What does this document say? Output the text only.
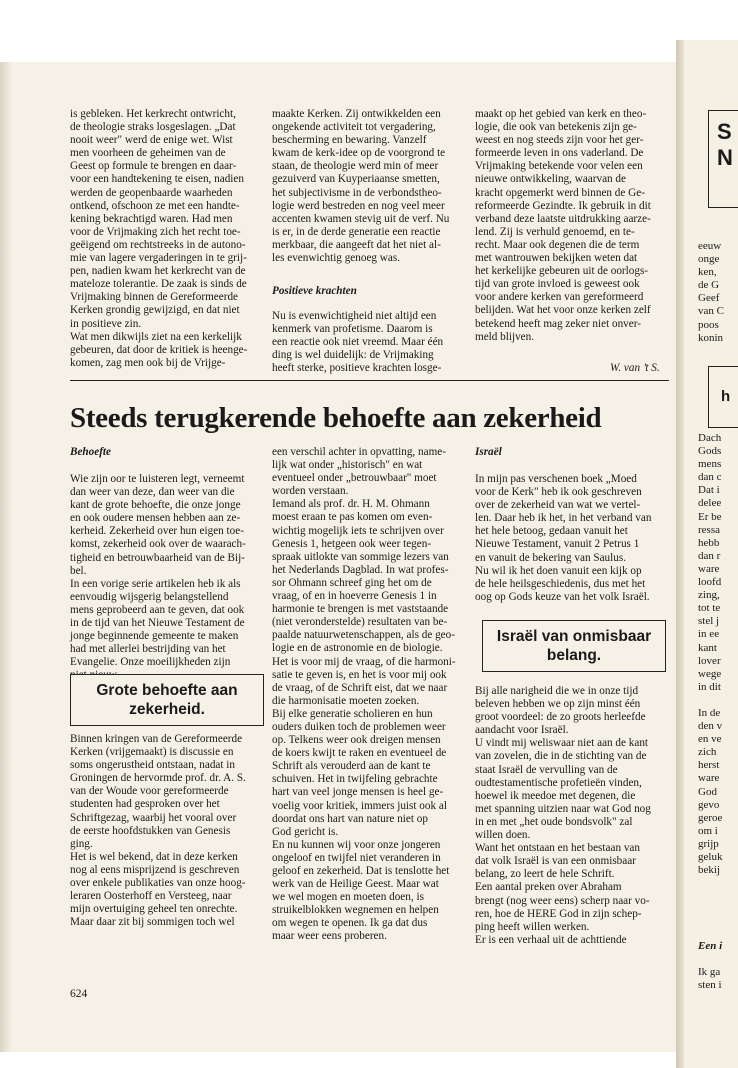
is gebleken. Het kerkrecht ontwricht,
de theologie straks losgeslagen. „Dat
nooit weer" werd de enige wet. Wist
men voorheen de geheimen van de
Geest op formule te brengen en daar-
voor een handtekening te eisen, nadien
werden de geopenbaarde waarheden
ontkend, ofschoon ze met een handte-
kening bekrachtigd waren. Had men
voor de Vrijmaking zich het recht toe-
geëigend om rechtstreeks in de autono-
mie van lagere vergaderingen in te grij-
pen, nadien kwam het kerkrecht van de
mateloze tolerantie. De zaak is sinds de
Vrijmaking binnen de Gereformeerde
Kerken grondig gewijzigd, en dat niet
in positieve zin.
Wat men dikwijls ziet na een kerkelijk
gebeuren, dat door de kritiek is heenge-
komen, zag men ook bij de Vrijge-
maakte Kerken. Zij ontwikkelden een
ongekende activiteit tot vergadering,
bescherming en bewaring. Vanzelf
kwam de kerk-idee op de voorgrond te
staan, de theologie werd min of meer
gezuiverd van Kuyperiaanse smetten,
het subjectivisme in de verbondstheo-
logie werd bestreden en nog veel meer
accenten kwamen stevig uit de verf. Nu
is er, in de derde generatie een reactie
merkbaar, die aangeeft dat het niet al-
les evenwichtig genoeg was.
Positieve krachten
Nu is evenwichtigheid niet altijd een
kenmerk van profetisme. Daarom is
een reactie ook niet vreemd. Maar één
ding is wel duidelijk: de Vrijmaking
heeft sterke, positieve krachten losge-
maakt op het gebied van kerk en theo-
logie, die ook van betekenis zijn ge-
weest en nog steeds zijn voor het ger-
formeerde leven in ons vaderland. De
Vrijmaking betekende voor velen een
nieuwe ontwikkeling, waarvan de
kracht opgemerkt werd binnen de Ge-
reformeerde Gezindte. Ik gebruik in dit
verband deze laatste uitdrukking aarze-
lend. Zij is verhuld genoemd, en te-
recht. Maar ook degenen die de term
met wantrouwen bekijken weten dat
het kerkelijke gebeuren uit de oorlogs-
tijd van grote invloed is geweest ook
voor andere kerken van gereformeerd
belijden. Wat het voor onze kerken zelf
betekend heeft mag zeker niet onver-
meld blijven.
W. van ’t S.
Steeds terugkerende behoefte aan zekerheid
Behoefte
Wie zijn oor te luisteren legt, verneemt
dan weer van deze, dan weer van die
kant de grote behoefte, die onze jonge
en ook oudere mensen hebben aan ze-
kerheid. Zekerheid over hun eigen toe-
komst, zekerheid ook over de waarach-
tigheid en betrouwbaarheid van de Bij-
bel.
In een vorige serie artikelen heb ik als
eenvoudig wijsgerig belangstellend
mens geprobeerd aan te geven, dat ook
in de tijd van het Nieuwe Testament de
jonge beginnende gemeente te maken
had met allerlei bestrijding van het
Evangelie. Onze moeilijkheden zijn

Grote behoefte aan
zekerheid.
Binnen kringen van de Gereformeerde
Kerken (vrijgemaakt) is discussie en
soms ongerustheid ontstaan, nadat in
Groningen de hervormde prof. dr. A. S.
van der Woude voor gereformeerde
studenten had gesproken over het
Schriftgezag, waarbij het vooral over
de eerste hoofdstukken van Genesis
ging.
Het is wel bekend, dat in deze kerken
nog al eens misprijzend is geschreven
over enkele publikaties van onze hoog-
leraren Oosterhoff en Versteeg, naar
mijn overtuiging geheel ten onrechte.
Maar daar zit bij sommigen toch wel
een verschil achter in opvatting, name-
lijk wat onder „historisch" en wat
eventueel onder „betrouwbaar" moet
worden verstaan.
Iemand als prof. dr. H. M. Ohmann
moest eraan te pas komen om even-
wichtig mogelijk iets te schrijven over
Genesis 1, hetgeen ook weer tegen-
spraak uitlokte van sommige lezers van
het Nederlands Dagblad. In wat profes-
sor Ohmann schreef ging het om de
vraag, of en in hoeverre Genesis 1 in
harmonie te brengen is met vaststaande
(niet veronderstelde) resultaten van be-
paalde natuurwetenschappen, als de geo-
logie en de astronomie en de biologie.
Het is voor mij de vraag, of die harmoni-
satie te geven is, en het is voor mij ook
de vraag, of de Schrift eist, dat we naar
die harmonisatie moeten zoeken.
Bij elke generatie scholieren en hun
ouders duiken toch de problemen weer
op. Telkens weer ook dreigen mensen
de koers kwijt te raken en eventueel de
Schrift als verouderd aan de kant te
schuiven. Het in twijfeling gebrachte
hart van veel jonge mensen is heel ge-
voelig voor kritiek, immers juist ook al
doordat ons hart van nature niet op
God gericht is.
En nu kunnen wij voor onze jongeren
ongeloof en twijfel niet veranderen in
geloof en zekerheid. Dat is tenslotte het
werk van de Heilige Geest. Maar wat
we wel mogen en moeten doen, is
struikelblokken wegnemen en helpen
om wegen te openen. Ik ga dat dus
maar weer eens proberen.
Israël
In mijn pas verschenen boek „Moed
voor de Kerk" heb ik ook geschreven
over de zekerheid van wat we vertel-
len. Daar heb ik het, in het verband van
het hele betoog, gedaan vanuit het
Nieuwe Testament, vanuit 2 Petrus 1
en vanuit de bekering van Saulus.
Nu wil ik het doen vanuit een kijk op
de hele heilsgeschiedenis, dus met het
oog op Gods keuze van het volk Israël.
Israël van onmisbaar
belang.
Bij alle narigheid die we in onze tijd
beleven hebben we op zijn minst één
groot voordeel: de zo groots herleefde
aandacht voor Israël.
U vindt mij weliswaar niet aan de kant
van zovelen, die in de stichting van de
staat Israël de vervulling van de
oudtestamentische profetieën vinden,
hoewel ik meedoe met degenen, die
met spanning uitzien naar wat God nog
in en met „het oude bondsvolk" zal
willen doen.
Want het ontstaan en het bestaan van
dat volk Israël is van een onmisbaar
belang, zo leert de hele Schrift.
Een aantal preken over Abraham
brengt (nog weer eens) scherp naar vo-
ren, hoe de HERE God in zijn schep-
ping heeft willen werken.
Er is een verhaal uit de achttiende
624
S
N
eeuw
onge
ken,
de G
Geef
van C
poos
konin
h
Dach
Gods
mens
dan c
Dat i
delee
Er be
ressa
hebb
dan r
ware
loofd
zing,
tot te
stel j
in ee
kant
lover
wege
in dit

In de
den v
en ve
zich
herst
ware
God
gevo
geroe
om i
grijp
geluk
bekij
Een i
Ik ga
sten i
